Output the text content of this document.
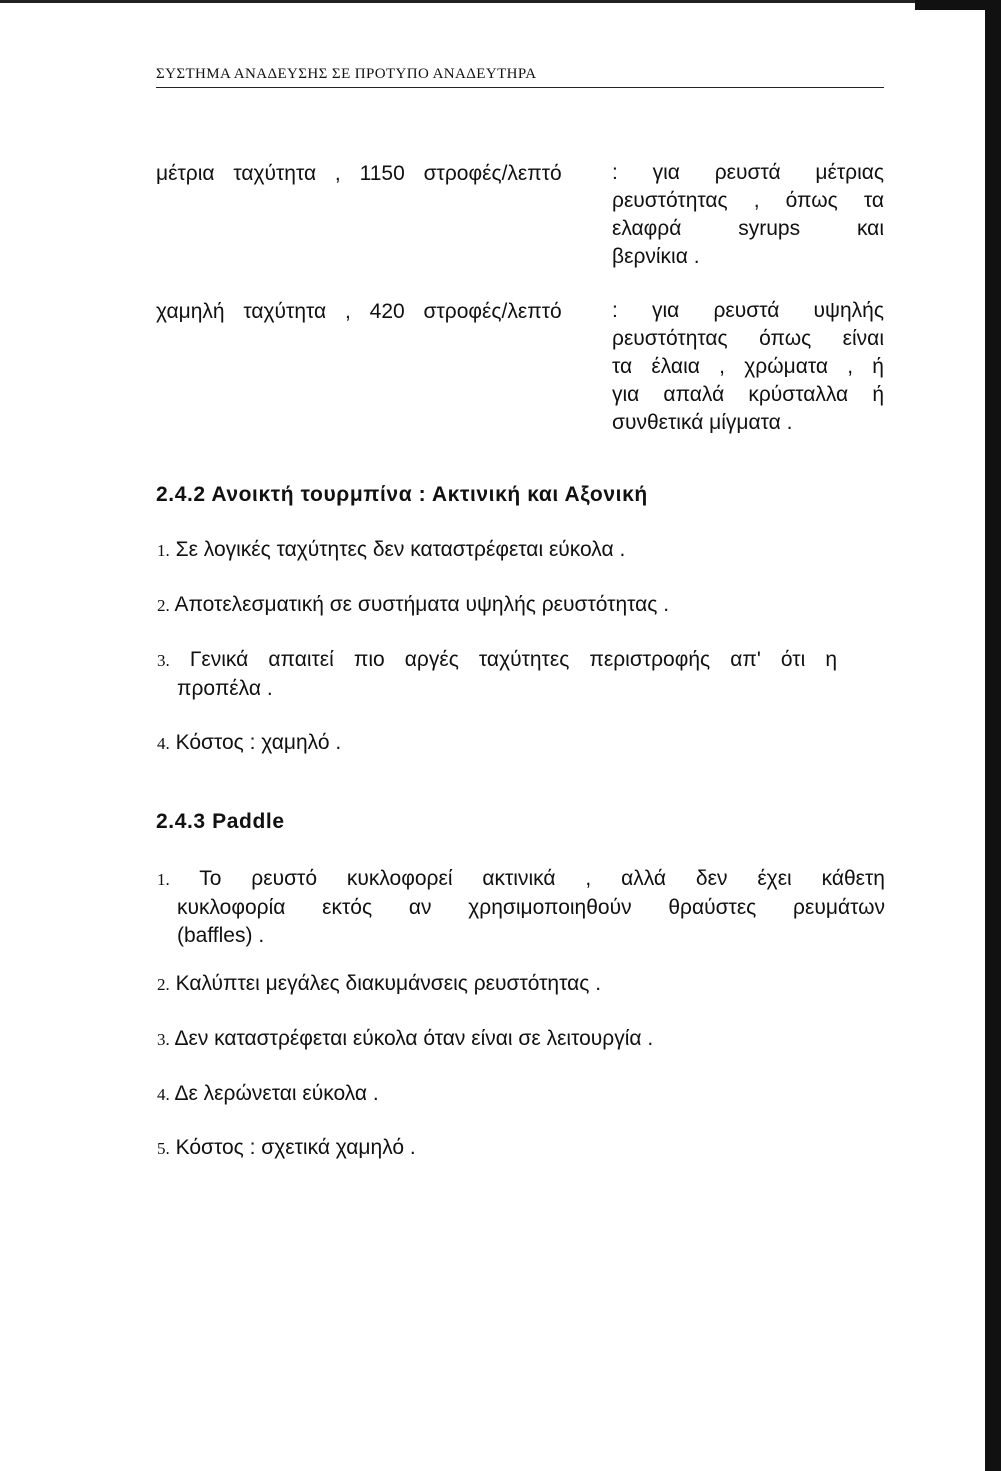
ΣΥΣΤΗΜΑ ΑΝΑΔΕΥΣΗΣ ΣΕ ΠΡΟΤΥΠΟ ΑΝΑΔΕΥΤΗΡΑ
μέτρια ταχύτητα , 1150 στροφές/λεπτό : για ρευστά μέτριας
ρευστότητας , όπως τα
ελαφρά syrups και
βερνίκια .
χαμηλή ταχύτητα , 420 στροφές/λεπτό : για ρευστά υψηλής
ρευστότητας όπως είναι
τα έλαια , χρώματα , ή
για απαλά κρύσταλλα ή
συνθετικά μίγματα .
2.4.2 Ανοικτή τουρμπίνα : Ακτινική και Αξονική
1. Σε λογικές ταχύτητες δεν καταστρέφεται εύκολα .
2. Αποτελεσματική σε συστήματα υψηλής ρευστότητας .
3. Γενικά απαιτεί πιο αργές ταχύτητες περιστροφής απ' ότι η
προπέλα .
4. Κόστος : χαμηλό .
2.4.3 Paddle
1. Το ρευστό κυκλοφορεί ακτινικά , αλλά δεν έχει κάθετη
κυκλοφορία εκτός αν χρησιμοποιηθούν θραύστες ρευμάτων
(baffles) .
2. Καλύπτει μεγάλες διακυμάνσεις ρευστότητας .
3. Δεν καταστρέφεται εύκολα όταν είναι σε λειτουργία .
4. Δε λερώνεται εύκολα .
5. Κόστος : σχετικά χαμηλό .
